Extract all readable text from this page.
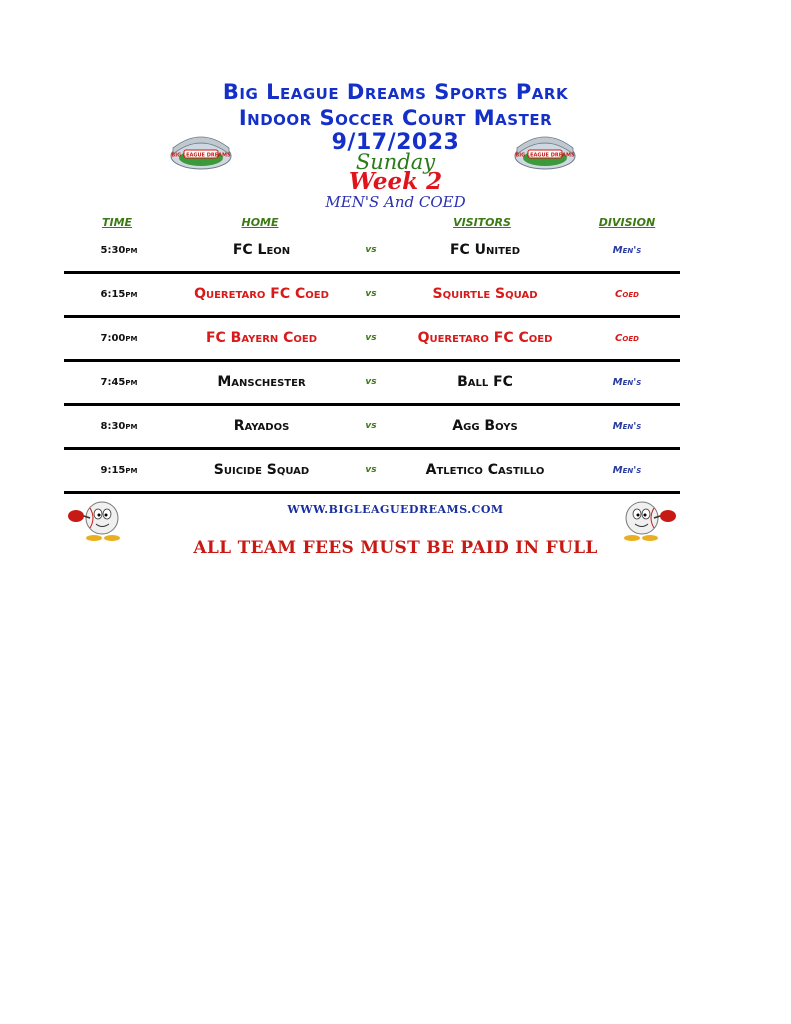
Big League Dreams Sports Park
Indoor Soccer Court Master
9/17/2023
Sunday
Week 2
MEN'S And COED
BIG LEAGUE DREAMS	BIG LEAGUE DREAMS
TIME	HOME	VISITORS	DIVISION
5:30pm	FC Leon	vs	FC United	Men's
6:15pm	Queretaro FC Coed	vs	Squirtle Squad	Coed
7:00pm	FC Bayern Coed	vs	Queretaro FC Coed	Coed
7:45pm	Manschester	vs	Ball FC	Men's
8:30pm	Rayados	vs	Agg Boys	Men's
9:15pm	Suicide Squad	vs	Atletico Castillo	Men's
WWW.BIGLEAGUEDREAMS.COM
ALL TEAM FEES MUST BE PAID IN FULL
